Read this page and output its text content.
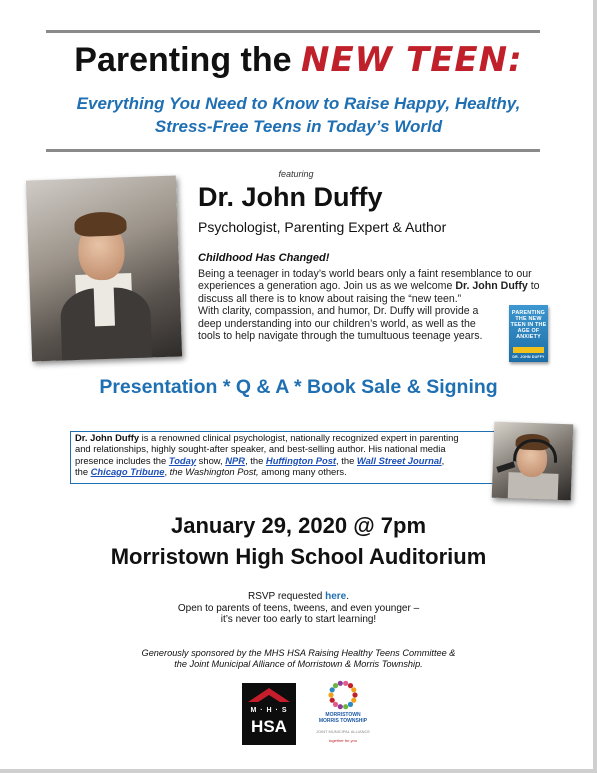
Parenting the NEW TEEN:
Everything You Need to Know to Raise Happy, Healthy,
Stress-Free Teens in Today’s World
featuring
Dr. John Duffy
Psychologist, Parenting Expert & Author
Childhood Has Changed!
Being a teenager in today’s world bears only a faint resemblance to our
experiences a generation ago. Join us as we welcome Dr. John Duffy to
discuss all there is to know about raising the “new teen.”
With clarity, compassion, and humor, Dr. Duffy will provide a
deep understanding into our children’s world, as well as the
tools to help navigate through the tumultuous teenage years.
PARENTING THE NEW TEEN IN THE AGE OF ANXIETY
DR. JOHN DUFFY
Presentation * Q & A * Book Sale & Signing
Dr. John Duffy is a renowned clinical psychologist, nationally recognized expert in parenting
and relationships, highly sought-after speaker, and best-selling author. His national media
presence includes the Today show, NPR, the Huffington Post, the Wall Street Journal,
the Chicago Tribune, the Washington Post, among many others.
January 29, 2020 @ 7pm
Morristown High School Auditorium
RSVP requested here.
Open to parents of teens, tweens, and even younger –
it’s never too early to start learning!
Generously sponsored by the MHS HSA Raising Healthy Teens Committee &
the Joint Municipal Alliance of Morristown & Morris Township.
M · H · S
HSA
MORRISTOWN
MORRIS TOWNSHIP
JOINT MUNICIPAL ALLIANCE
together for you
